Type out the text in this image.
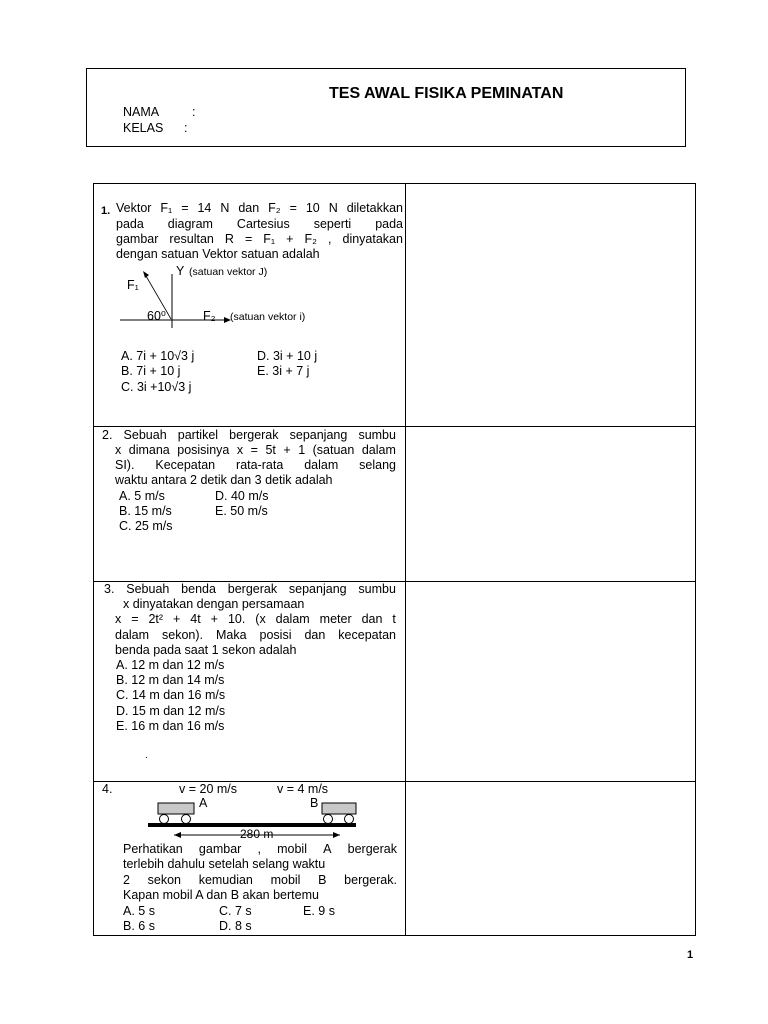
TES AWAL FISIKA PEMINATAN
NAMA	:
KELAS :
1. Vektor F₁ = 14 N dan F₂ = 10 N diletakkan
pada diagram Cartesius seperti pada
gambar resultan R = F₁ + F₂ , dinyatakan
dengan satuan Vektor satuan adalah
Y (satuan vektor J)
F₁
60⁰	F₂ (satuan vektor i)
A. 7i + 10√3 j
B. 7i + 10 j
C. 3i +10√3 j
D. 3i + 10 j
E. 3i + 7 j
2. Sebuah partikel bergerak sepanjang sumbu
x dimana posisinya x = 5t + 1 (satuan dalam
SI). Kecepatan rata-rata dalam selang
waktu antara 2 detik dan 3 detik adalah
A. 5 m/s
B. 15 m/s
C. 25 m/s
D. 40 m/s
E. 50 m/s
3. Sebuah benda bergerak sepanjang sumbu
x dinyatakan dengan persamaan
x = 2t² + 4t + 10. (x dalam meter dan t
dalam sekon). Maka posisi dan kecepatan
benda pada saat 1 sekon adalah
A. 12 m dan 12 m/s
B. 12 m dan 14 m/s
C. 14 m dan 16 m/s
D. 15 m dan 12 m/s
E. 16 m dan 16 m/s
.
4.	v = 20 m/s	v = 4 m/s
A	B
280 m
Perhatikan gambar , mobil A bergerak
terlebih dahulu setelah selang waktu
2 sekon kemudian mobil B bergerak.
Kapan mobil A dan B akan bertemu
A. 5 s
B. 6 s
C. 7 s
D. 8 s
E. 9 s
1
